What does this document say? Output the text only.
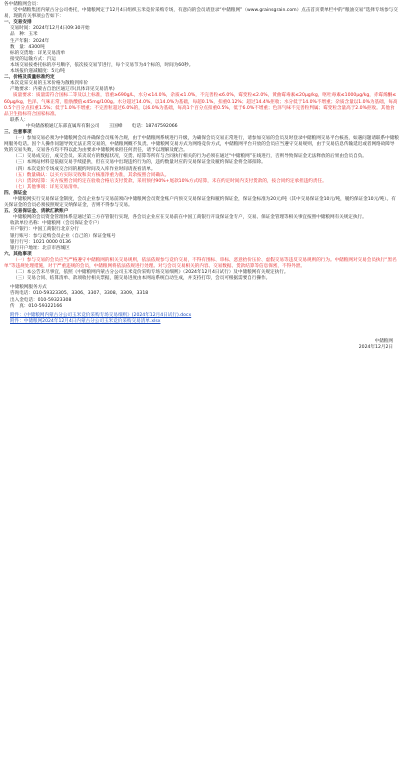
各中储粮网会员：

受中储粮集团内蒙古分公司委托，中储粮网定于12月4日组织玉米竞价采购专场，有意向的会员请登录“中储粮网”（www.grainsgrain.com）点击首页菜单栏中的“粮油交易”选择专场参与交易，现就有关事项公告如下：

一、交易安排

交易时间：2024年12月4日09:30开始

品　种：玉米

生产年限：2024年

数　量：4300吨

标的交货地：详见交易清单

接受的运输方式：汽运

本场交易按委托标的序号顺序，依次按交易节进行，每个交易节为4个标的，时间为60秒。

本场报价递减幅度：5元/吨

二、价格及质量标准约定

本次竞采交易的玉米价格为散粮到库价

产地要求：内蒙古自治区通辽市(具体详见交易清单)

质量要求：质量需符合国标二等及以上标准，容重≥690g/L，水分≤14.0%，杂质≤1.0%，不完善粒≤6.0%，霉变粒≤2.0%，黄曲霉毒素≤20μg/kg，呕吐毒素≤1000μg/kg，赤霉烯酮≤60μg/kg，色泽、气味正常，脂肪酸值≤45mg/100g。水分超过14.0%，以14.0%为基础，每超0.1%，扣重0.12%；超过14.4%拒收；水分低于14.0%不增重；杂质含量以1.0%为基础，每高0.5个百分点扣重1.5%；低于1.0%不增重；不完善粒超过6.0%的，以6.0%为基础，每高1个百分点扣重0.5%，低于6.0%不增重；色泽气味不完善粒判属；霉变粒含量高于2.0%拒收。其他食品卫生指标符合国家标准。

联系人：

中央储备粮通辽东部直属库有限公司　　王国峰　　电话：18747592066

三、注意事项

（一）参加交易必须为中储粮网会员并确保会员账务合规，由于中储粮网系统进行升级，为确保会员交易正常进行，请参加交易的会员及时登录中储粮网交易平台核查，如遇问题请联系中储粮网服务电话。因个人操作问题导致无法正常交易的，中储粮网概不负责。中储粮网交易方式为网络竞价方式，中储粮网平台开放的会员应当遵守交易规则，由于交易信息传输延迟或者网络故障导致的交易失败，交易各方均不得以此为由要求中储粮网承担任何责任，请予以理解及配合。

（二）交易成交后，成交会员、采卖双方的数据状况，交货、结算等所有与合同执行相关的行为必须在通过“中储粮网”在线进行，否则导致保证金无法释放的后果由会员自负。

（三）本网站材料是依据交易手续提供，但在交易中出现违约行为的，违约数量对应的交易保证金及履约保证金将全部扣除。

（四）本次竞价专场成交合同的履约时间及入库作业时间请查看清单。

（五）数量确认：以买方实际交收和卖方核准净重为准，其余按照合同确认。

（六）货款结算：买方按照合同约定在验收合格后支付货款，采用预付90%+尾款10%方式结算，未在约定时间内支付货款的，按合同约定承担违约责任。

（七）其他事项：详见交易清单。

四、保证金

中储粮网实行交易保证金制度，会员企业参与交易前须向中储粮网会员资金账户内预交交易保证金和履约保证金，保证金标准为20元/吨（其中交易保证金10元/吨，履约保证金10元/吨）。有关保证金的会员必须按照规定交纳保证金，否则不得参与交易。

五、交易保证金、货款汇款账户

中储粮网的会员资金管理体系是通过第三方存管银行实现，各会员企业应在交易前在中国工商银行开设保证金专户，交易、保证金管理等相关事宜按照中储粮网有关规定执行。

收款单位名称：中储粮网（会员保证金专户）

开户银行：中国工商银行北京分行

银行账号：参与竞购会员企业（自己的）保证金账号

银行行号：1021 0000 0136

银行开户地址：北京市西城区

六、其他事项

（一）参与交易的会员应当严格遵守中储粮网的相关交易规则，依法依规参与竞价交易，不得有围标、串标、恶意抬价压价、虚假交易等违反交易规则的行为。中储粮网对交易会员执行“黑名单”等违规处理措施，对于严重违规的会员，中储粮网将依法依规进行处理。对与会员交易相关的内容、交易数据、货款结算等信息保密，不得外泄。

（二）本公告未尽事宜，依照《中储粮网内蒙古分公司玉米竞价采购专场交易细则》（2024年12月4日试行）及中储粮网有关规定执行。

（三）交易合同、结算清单、款项收付相关票据，随交易进度由本网站系统自动生成，并支持打印，会员可根据需要自行操作。

中储粮网服务方式

咨询电话：010-59323305、3306、3307、3308、3309、3318

出入金电话：010-59323308

传　真：010-59322166

附件：《中储粮网内蒙古分公司玉米竞价采购专场交易细则》(2024年12月4日试行).docx
附件：中储粮网2024年12月4日内蒙古分公司玉米竞价采购交易清单.xlsx

中储粮网

2024年12月2日
